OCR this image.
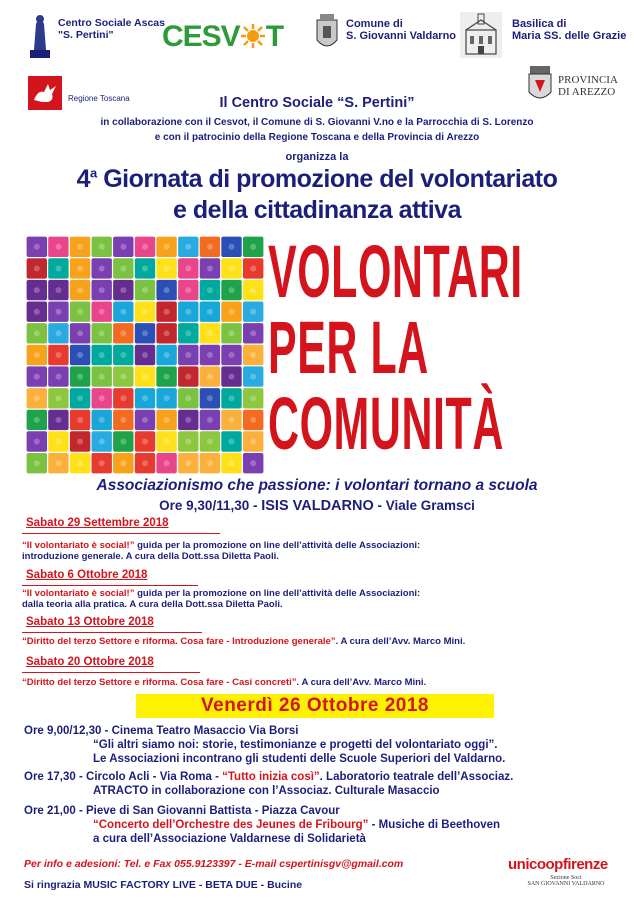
Centro Sociale Ascas
"S. Pertini"	CESV T	Comune di
S. Giovanni Valdarno
Basilica di
Maria SS. delle Grazie
Regione Toscana
PROVINCIA
DI AREZZO
Il Centro Sociale “S. Pertini”
in collaborazione con il Cesvot, il Comune di S. Giovanni V.no e la Parrocchia di S. Lorenzo
e con il patrocinio della Regione Toscana e della Provincia di Arezzo
organizza la
4$^a$ Giornata di promozione del volontariato
e della cittadinanza attiva
VOLONTARI
PER LA
COMUNITÀ
Associazionismo che passione: i volontari tornano a scuola
Ore 9,30/11,30 - ISIS VALDARNO - Viale Gramsci
Sabato 29 Settembre 2018
“Il volontariato è social!” guida per la promozione on line dell’attività delle Associazioni:
introduzione generale. A cura della Dott.ssa Diletta Paoli.
Sabato 6 Ottobre 2018
“Il volontariato è social!” guida per la promozione on line dell’attività delle Associazioni:
dalla teoria alla pratica. A cura della Dott.ssa Diletta Paoli.
Sabato 13 Ottobre 2018
“Diritto del terzo Settore e riforma. Cosa fare - Introduzione generale”. A cura dell’Avv. Marco Mini.
Sabato 20 Ottobre 2018
“Diritto del terzo Settore e riforma. Cosa fare - Casi concreti”. A cura dell’Avv. Marco Mini.
Venerdì 26 Ottobre 2018
Ore 9,00/12,30 - Cinema Teatro Masaccio Via Borsi
“Gli altri siamo noi: storie, testimonianze e progetti del volontariato oggi”.
Le Associazioni incontrano gli studenti delle Scuole Superiori del Valdarno.
Ore 17,30 - Circolo Acli - Via Roma - “Tutto inizia così”. Laboratorio teatrale dell’Associaz.
ATRACTO in collaborazione con l’Associaz. Culturale Masaccio
Ore 21,00 - Pieve di San Giovanni Battista - Piazza Cavour
“Concerto dell’Orchestre des Jeunes de Fribourg” - Musiche di Beethoven
a cura dell’Associazione Valdarnese di Solidarietà
Per info e adesioni: Tel. e Fax 055.9123397 - E-mail cspertinisgv@gmail.com
Si ringrazia MUSIC FACTORY LIVE - BETA DUE - Bucine
unicoopfirenze
Sezione Soci
SAN GIOVANNI VALDARNO
